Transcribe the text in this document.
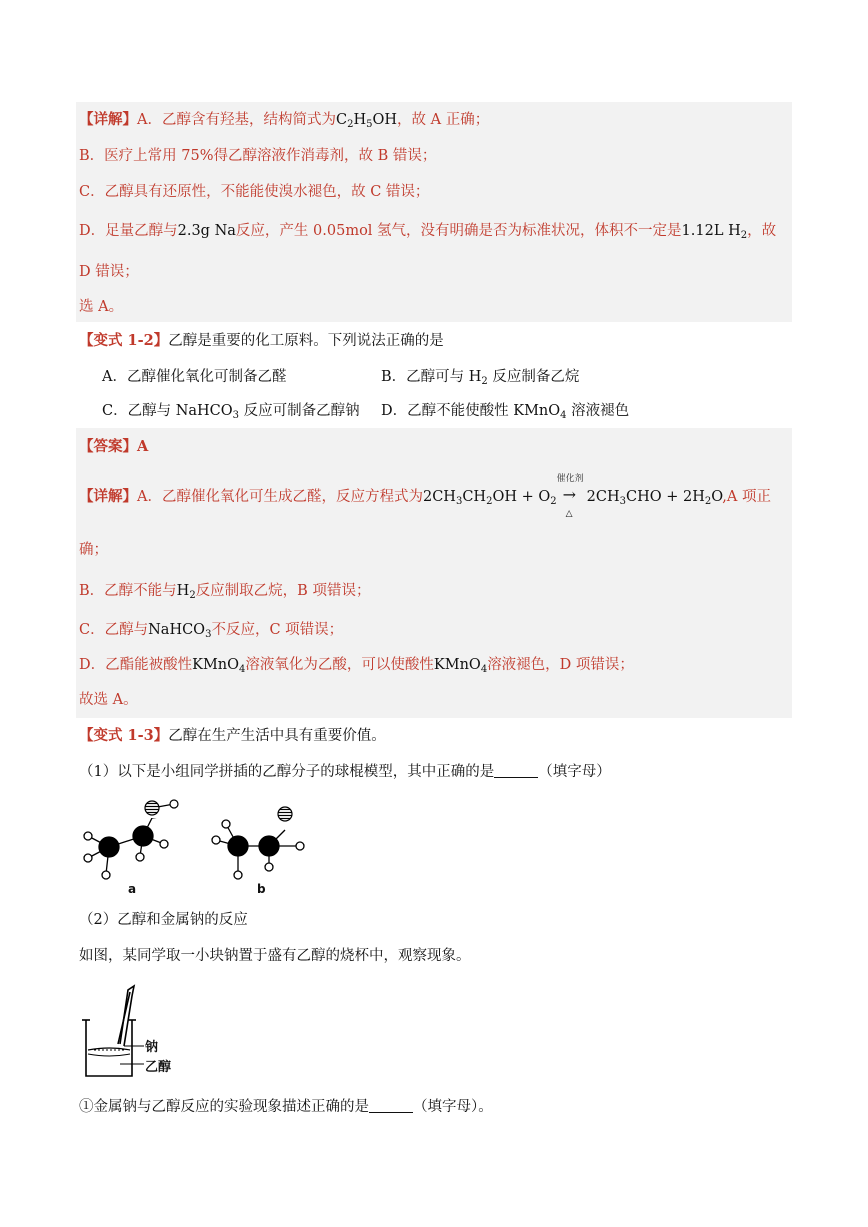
【详解】A．乙醇含有羟基，结构简式为$C_2H_5OH$，故 A 正确；
B．医疗上常用 75%得乙醇溶液作消毒剂，故 B 错误；
C．乙醇具有还原性，不能能使溴水褪色，故 C 错误；
D．足量乙醇与2.3g Na反应，产生 0.05mol 氢气，没有明确是否为标准状况，体积不一定是1.12L $H_2$，故
D 错误；
选 A。
【变式 1-2】乙醇是重要的化工原料。下列说法正确的是
A．乙醇催化氧化可制备乙醛	B．乙醇可与 $H_2$ 反应制备乙烷
C．乙醇与 NaHCO$_3$ 反应可制备乙醇钠 D．乙醇不能使酸性 KMnO$_4$ 溶液褪色
【答案】A
【详解】A．乙醇催化氧化可生成乙醛，反应方程式为$2CH_3CH_2OH + O_2$
催化剂
→
△
$2CH_3CHO + 2H_2O,A$ 项正
确；
B．乙醇不能与$H_2$反应制取乙烷，B 项错误；
C．乙醇与NaHCO$_3$不反应，C 项错误；
D．乙酯能被酸性KMnO$_4$溶液氧化为乙酸，可以使酸性KMnO$_4$溶液褪色，D 项错误；
故选 A。
【变式 1-3】乙醇在生产生活中具有重要价值。
（1）以下是小组同学拼插的乙醇分子的球棍模型，其中正确的是	（填字母）
a	b
（2）乙醇和金属钠的反应
如图，某同学取一小块钠置于盛有乙醇的烧杯中，观察现象。
钠
乙醇
①金属钠与乙醇反应的实验现象描述正确的是	（填字母）。
